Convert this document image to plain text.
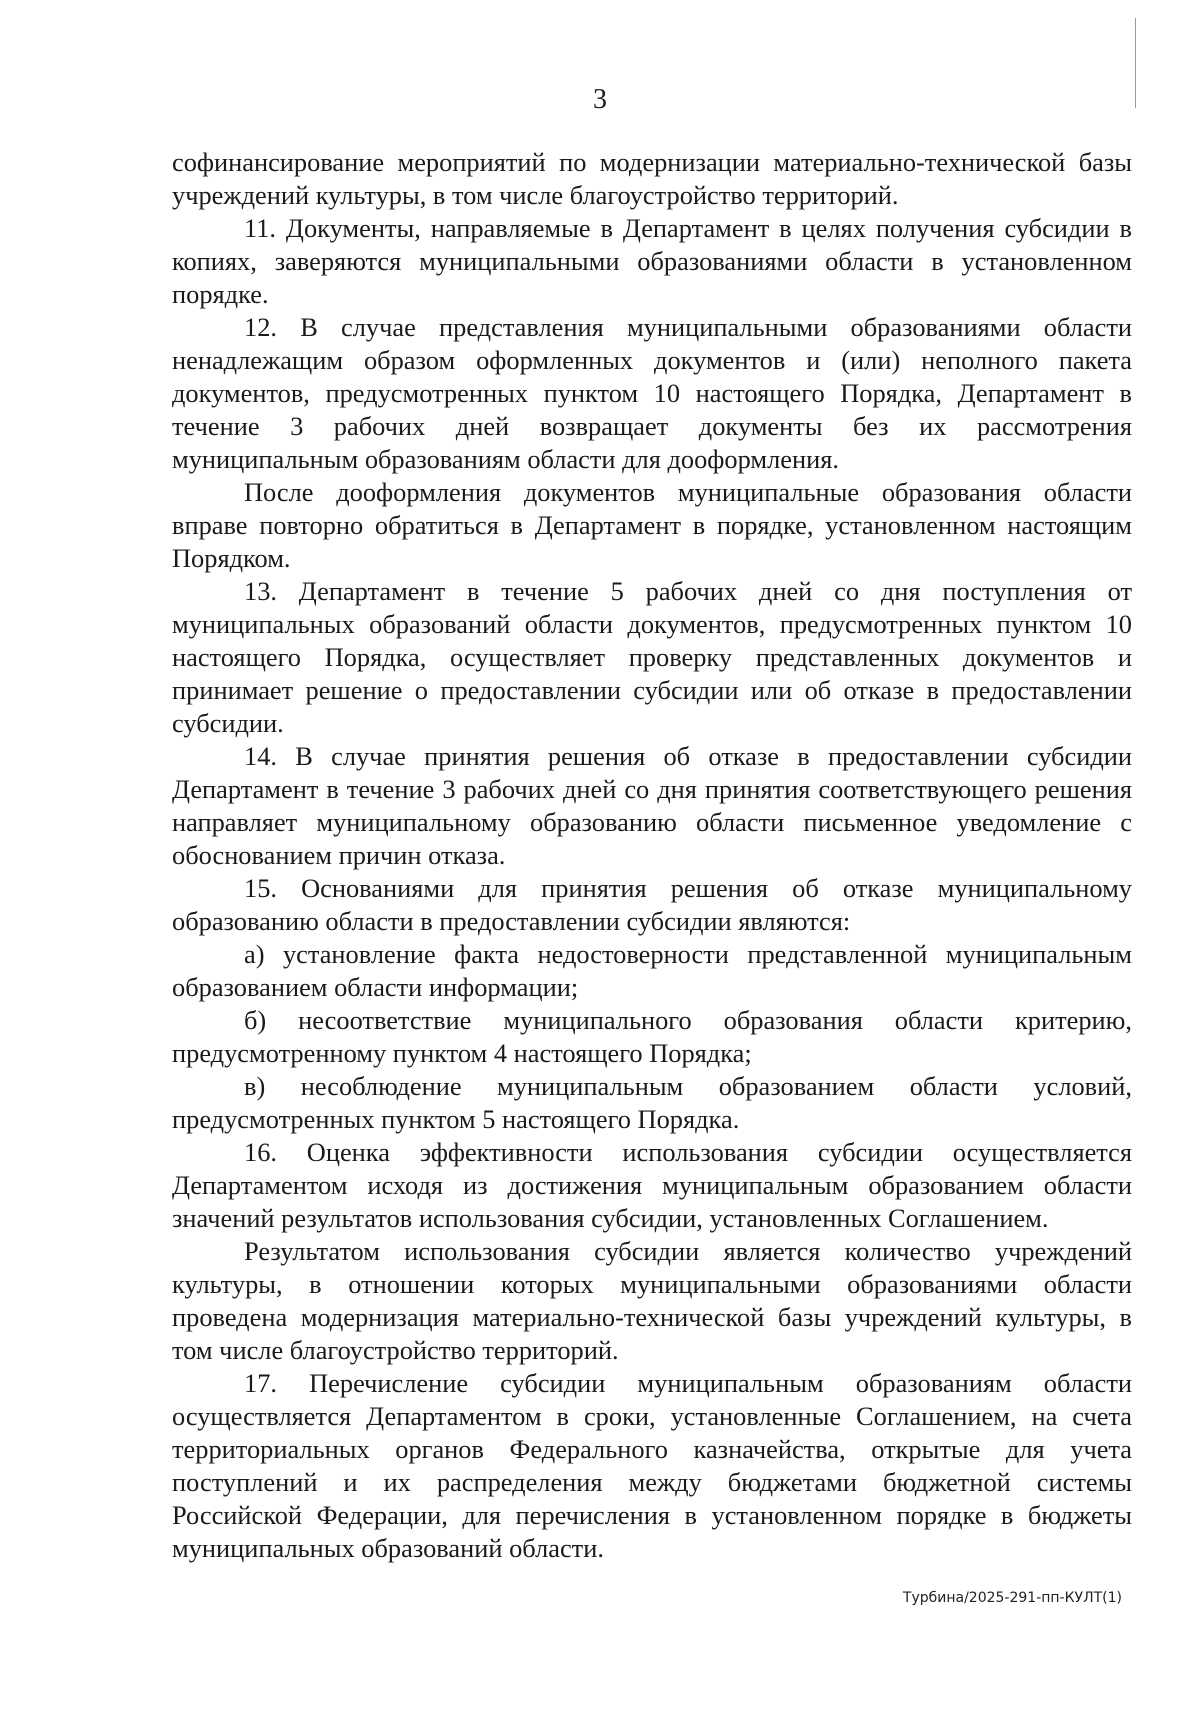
3

софинансирование мероприятий по модернизации материально-технической базы учреждений культуры, в том числе благоустройство территорий.

11. Документы, направляемые в Департамент в целях получения субсидии в копиях, заверяются муниципальными образованиями области в установленном порядке.

12. В случае представления муниципальными образованиями области ненадлежащим образом оформленных документов и (или) неполного пакета документов, предусмотренных пунктом 10 настоящего Порядка, Департамент в течение 3 рабочих дней возвращает документы без их рассмотрения муниципальным образованиям области для дооформления.

После дооформления документов муниципальные образования области вправе повторно обратиться в Департамент в порядке, установленном настоящим Порядком.

13. Департамент в течение 5 рабочих дней со дня поступления от муниципальных образований области документов, предусмотренных пунктом 10 настоящего Порядка, осуществляет проверку представленных документов и принимает решение о предоставлении субсидии или об отказе в предоставлении субсидии.

14. В случае принятия решения об отказе в предоставлении субсидии Департамент в течение 3 рабочих дней со дня принятия соответствующего решения направляет муниципальному образованию области письменное уведомление с обоснованием причин отказа.

15. Основаниями для принятия решения об отказе муниципальному образованию области в предоставлении субсидии являются:

а) установление факта недостоверности представленной муниципальным образованием области информации;

б) несоответствие муниципального образования области критерию, предусмотренному пунктом 4 настоящего Порядка;

в) несоблюдение муниципальным образованием области условий, предусмотренных пунктом 5 настоящего Порядка.

16. Оценка эффективности использования субсидии осуществляется Департаментом исходя из достижения муниципальным образованием области значений результатов использования субсидии, установленных Соглашением.

Результатом использования субсидии является количество учреждений культуры, в отношении которых муниципальными образованиями области проведена модернизация материально-технической базы учреждений культуры, в том числе благоустройство территорий.

17. Перечисление субсидии муниципальным образованиям области осуществляется Департаментом в сроки, установленные Соглашением, на счета территориальных органов Федерального казначейства, открытые для учета поступлений и их распределения между бюджетами бюджетной системы Российской Федерации, для перечисления в установленном порядке в бюджеты муниципальных образований области.

Турбина/2025-291-пп-КУЛТ(1)
